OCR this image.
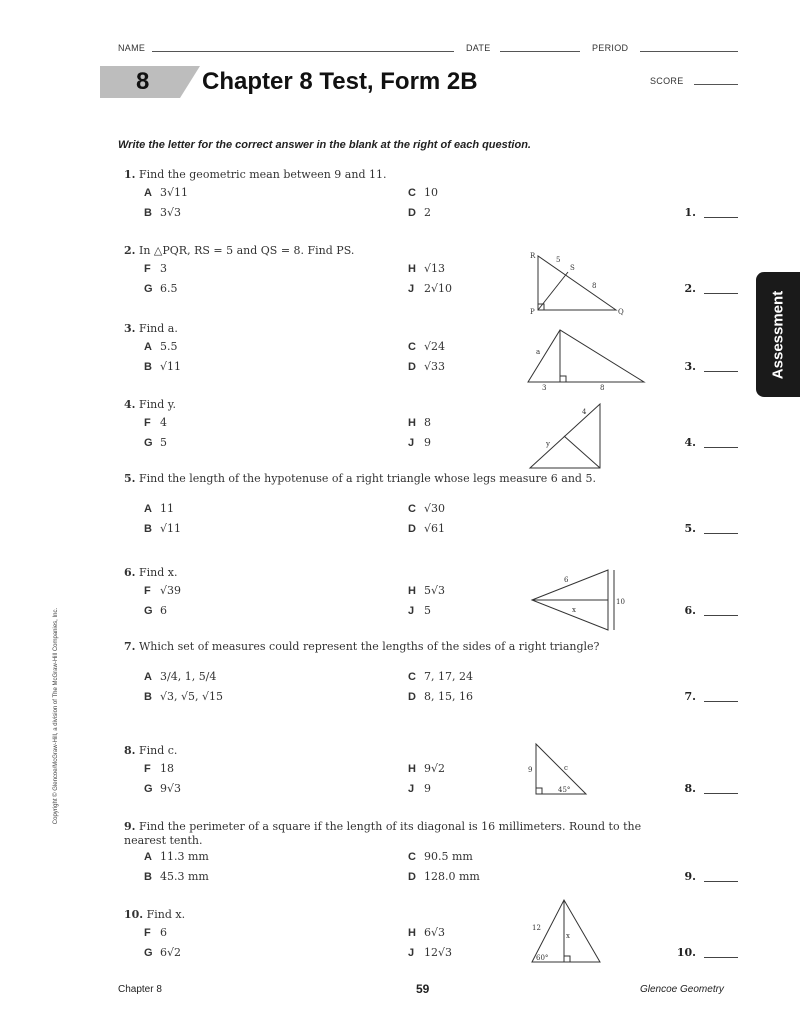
NAME	DATE	PERIOD
8 Chapter 8 Test, Form 2B	SCORE
Write the letter for the correct answer in the blank at the right of each question.
Assessment
Copyright © Glencoe/McGraw-Hill, a division of The McGraw-Hill Companies, Inc.
1. Find the geometric mean between 9 and 11.
A 3√11	C 10
B 3√3	D 2	1.
2. In △PQR, RS = 5 and QS = 8. Find PS.
F 3	H √13
G 6.5	J 2√10	2.
3. Find a.
A 5.5	C √24
B √11	D √33	3.
4. Find y.
F 4	H 8
G 5	J 9	4.
5. Find the length of the hypotenuse of a right triangle whose legs measure 6 and 5.
A 11	C √30
B √11	D √61	5.
6. Find x.
F √39	H 5√3
G 6	J 5	6.
7. Which set of measures could represent the lengths of the sides of a right triangle?
A 3/4, 1, 5/4	C 7, 17, 24
B √3, √5, √15	D 8, 15, 16	7.
8. Find c.
F 18	H 9√2
G 9√3	J 9	8.
9. Find the perimeter of a square if the length of its diagonal is 16 millimeters. Round to the nearest tenth.
A 11.3 mm	C 90.5 mm
B 45.3 mm	D 128.0 mm	9.
10. Find x.
F 6	H 6√3
G 6√2	J 12√3	10.
R
S
P	Q
5
8
a
3	8
4
y
6
x
10
c
9
45°
12
x
60°
Chapter 8	59	Glencoe Geometry
